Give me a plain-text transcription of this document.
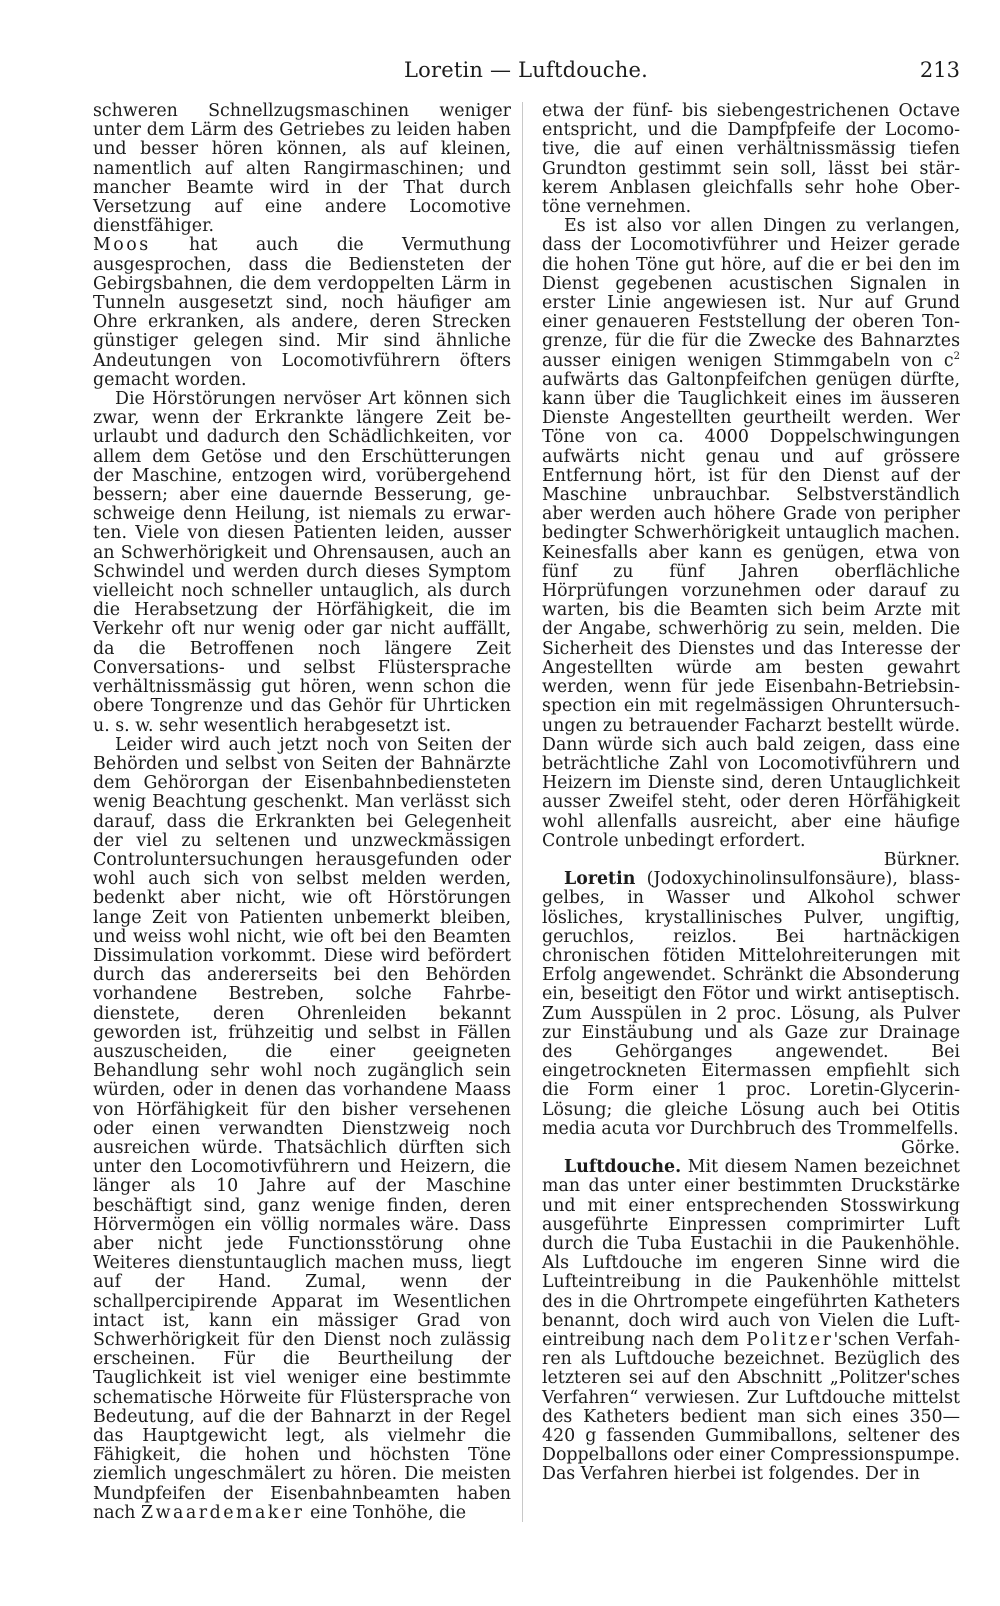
Loretin — Luftdouche.	213

schweren Schnellzugsmaschinen weniger unter dem Lärm des Getriebes zu leiden haben und besser hören können, als auf kleinen, namentlich auf alten Rangirmaschinen; und mancher Beamte wird in der That durch Versetzung auf eine andere Locomotive dienstfähiger.

Moos hat auch die Vermuthung ausgesprochen, dass die Bediensteten der Gebirgsbahnen, die dem verdoppelten Lärm in Tunneln ausgesetzt sind, noch häufiger am Ohre erkranken, als andere, deren Strecken günstiger gelegen sind. Mir sind ähnliche Andeutungen von Locomotivführern öfters gemacht worden.

Die Hörstörungen nervöser Art können sich zwar, wenn der Erkrankte längere Zeit beurlaubt und dadurch den Schädlichkeiten, vor allem dem Getöse und den Erschütterungen der Maschine, entzogen wird, vorübergehend bessern; aber eine dauernde Besserung, geschweige denn Heilung, ist niemals zu erwarten. Viele von diesen Patienten leiden, ausser an Schwerhörigkeit und Ohrensausen, auch an Schwindel und werden durch dieses Symptom vielleicht noch schneller untauglich, als durch die Herabsetzung der Hörfähigkeit, die im Verkehr oft nur wenig oder gar nicht auffällt, da die Betroffenen noch längere Zeit Conversations- und selbst Flüstersprache verhältnissmässig gut hören, wenn schon die obere Tongrenze und das Gehör für Uhrticken u. s. w. sehr wesentlich herabgesetzt ist.

Leider wird auch jetzt noch von Seiten der Behörden und selbst von Seiten der Bahnärzte dem Gehörorgan der Eisenbahnbediensteten wenig Beachtung geschenkt. Man verlässt sich darauf, dass die Erkrankten bei Gelegenheit der viel zu seltenen und unzweckmässigen Controluntersuchungen herausgefunden oder wohl auch sich von selbst melden werden, bedenkt aber nicht, wie oft Hörstörungen lange Zeit von Patienten unbemerkt bleiben, und weiss wohl nicht, wie oft bei den Beamten Dissimulation vorkommt. Diese wird befördert durch das andererseits bei den Behörden vorhandene Bestreben, solche Fahrbedienstete, deren Ohrenleiden bekannt geworden ist, frühzeitig und selbst in Fällen auszuscheiden, die einer geeigneten Behandlung sehr wohl noch zugänglich sein würden, oder in denen das vorhandene Maass von Hörfähigkeit für den bisher versehenen oder einen verwandten Dienstzweig noch ausreichen würde. Thatsächlich dürften sich unter den Locomotivführern und Heizern, die länger als 10 Jahre auf der Maschine beschäftigt sind, ganz wenige finden, deren Hörvermögen ein völlig normales wäre. Dass aber nicht jede Functionsstörung ohne Weiteres dienstuntauglich machen muss, liegt auf der Hand. Zumal, wenn der schallpercipirende Apparat im Wesentlichen intact ist, kann ein mässiger Grad von Schwerhörigkeit für den Dienst noch zulässig erscheinen. Für die Beurtheilung der Tauglichkeit ist viel weniger eine bestimmte schematische Hörweite für Flüstersprache von Bedeutung, auf die der Bahnarzt in der Regel das Hauptgewicht legt, als vielmehr die Fähigkeit, die hohen und höchsten Töne ziemlich ungeschmälert zu hören. Die meisten Mundpfeifen der Eisenbahnbeamten haben nach Zwaardemaker eine Tonhöhe, die

etwa der fünf- bis siebengestrichenen Octave entspricht, und die Dampfpfeife der Locomotive, die auf einen verhältnissmässig tiefen Grundton gestimmt sein soll, lässt bei stärkerem Anblasen gleichfalls sehr hohe Obertöne vernehmen.

Es ist also vor allen Dingen zu verlangen, dass der Locomotivführer und Heizer gerade die hohen Töne gut höre, auf die er bei den im Dienst gegebenen acustischen Signalen in erster Linie angewiesen ist. Nur auf Grund einer genaueren Feststellung der oberen Tongrenze, für die für die Zwecke des Bahnarztes ausser einigen wenigen Stimmgabeln von $c^2$ aufwärts das Galtonpfeifchen genügen dürfte, kann über die Tauglichkeit eines im äusseren Dienste Angestellten geurtheilt werden. Wer Töne von ca. 4000 Doppelschwingungen aufwärts nicht genau und auf grössere Entfernung hört, ist für den Dienst auf der Maschine unbrauchbar. Selbstverständlich aber werden auch höhere Grade von peripher bedingter Schwerhörigkeit untauglich machen. Keinesfalls aber kann es genügen, etwa von fünf zu fünf Jahren oberflächliche Hörprüfungen vorzunehmen oder darauf zu warten, bis die Beamten sich beim Arzte mit der Angabe, schwerhörig zu sein, melden. Die Sicherheit des Dienstes und das Interesse der Angestellten würde am besten gewahrt werden, wenn für jede Eisenbahn-Betriebsinspection ein mit regelmässigen Ohruntersuchungen zu betrauender Facharzt bestellt würde. Dann würde sich auch bald zeigen, dass eine beträchtliche Zahl von Locomotivführern und Heizern im Dienste sind, deren Untauglichkeit ausser Zweifel steht, oder deren Hörfähigkeit wohl allenfalls ausreicht, aber eine häufige Controle unbedingt erfordert.

Bürkner.

Loretin (Jodoxychinolinsulfonsäure), blassgelbes, in Wasser und Alkohol schwer lösliches, krystallinisches Pulver, ungiftig, geruchlos, reizlos. Bei hartnäckigen chronischen fötiden Mittelohreiterungen mit Erfolg angewendet. Schränkt die Absonderung ein, beseitigt den Fötor und wirkt antiseptisch. Zum Ausspülen in 2 proc. Lösung, als Pulver zur Einstäubung und als Gaze zur Drainage des Gehörganges angewendet. Bei eingetrockneten Eitermassen empfiehlt sich die Form einer 1 proc. Loretin-Glycerin-Lösung; die gleiche Lösung auch bei Otitis media acuta vor Durchbruch des Trommelfells.

Görke.

Luftdouche. Mit diesem Namen bezeichnet man das unter einer bestimmten Druckstärke und mit einer entsprechenden Stosswirkung ausgeführte Einpressen comprimirter Luft durch die Tuba Eustachii in die Paukenhöhle. Als Luftdouche im engeren Sinne wird die Lufteintreibung in die Paukenhöhle mittelst des in die Ohrtrompete eingeführten Katheters benannt, doch wird auch von Vielen die Lufteintreibung nach dem Politzer'schen Verfahren als Luftdouche bezeichnet. Bezüglich des letzteren sei auf den Abschnitt „Politzer'sches Verfahren“ verwiesen. Zur Luftdouche mittelst des Katheters bedient man sich eines 350—420 g fassenden Gummiballons, seltener des Doppelballons oder einer Compressionspumpe. Das Verfahren hierbei ist folgendes. Der in
